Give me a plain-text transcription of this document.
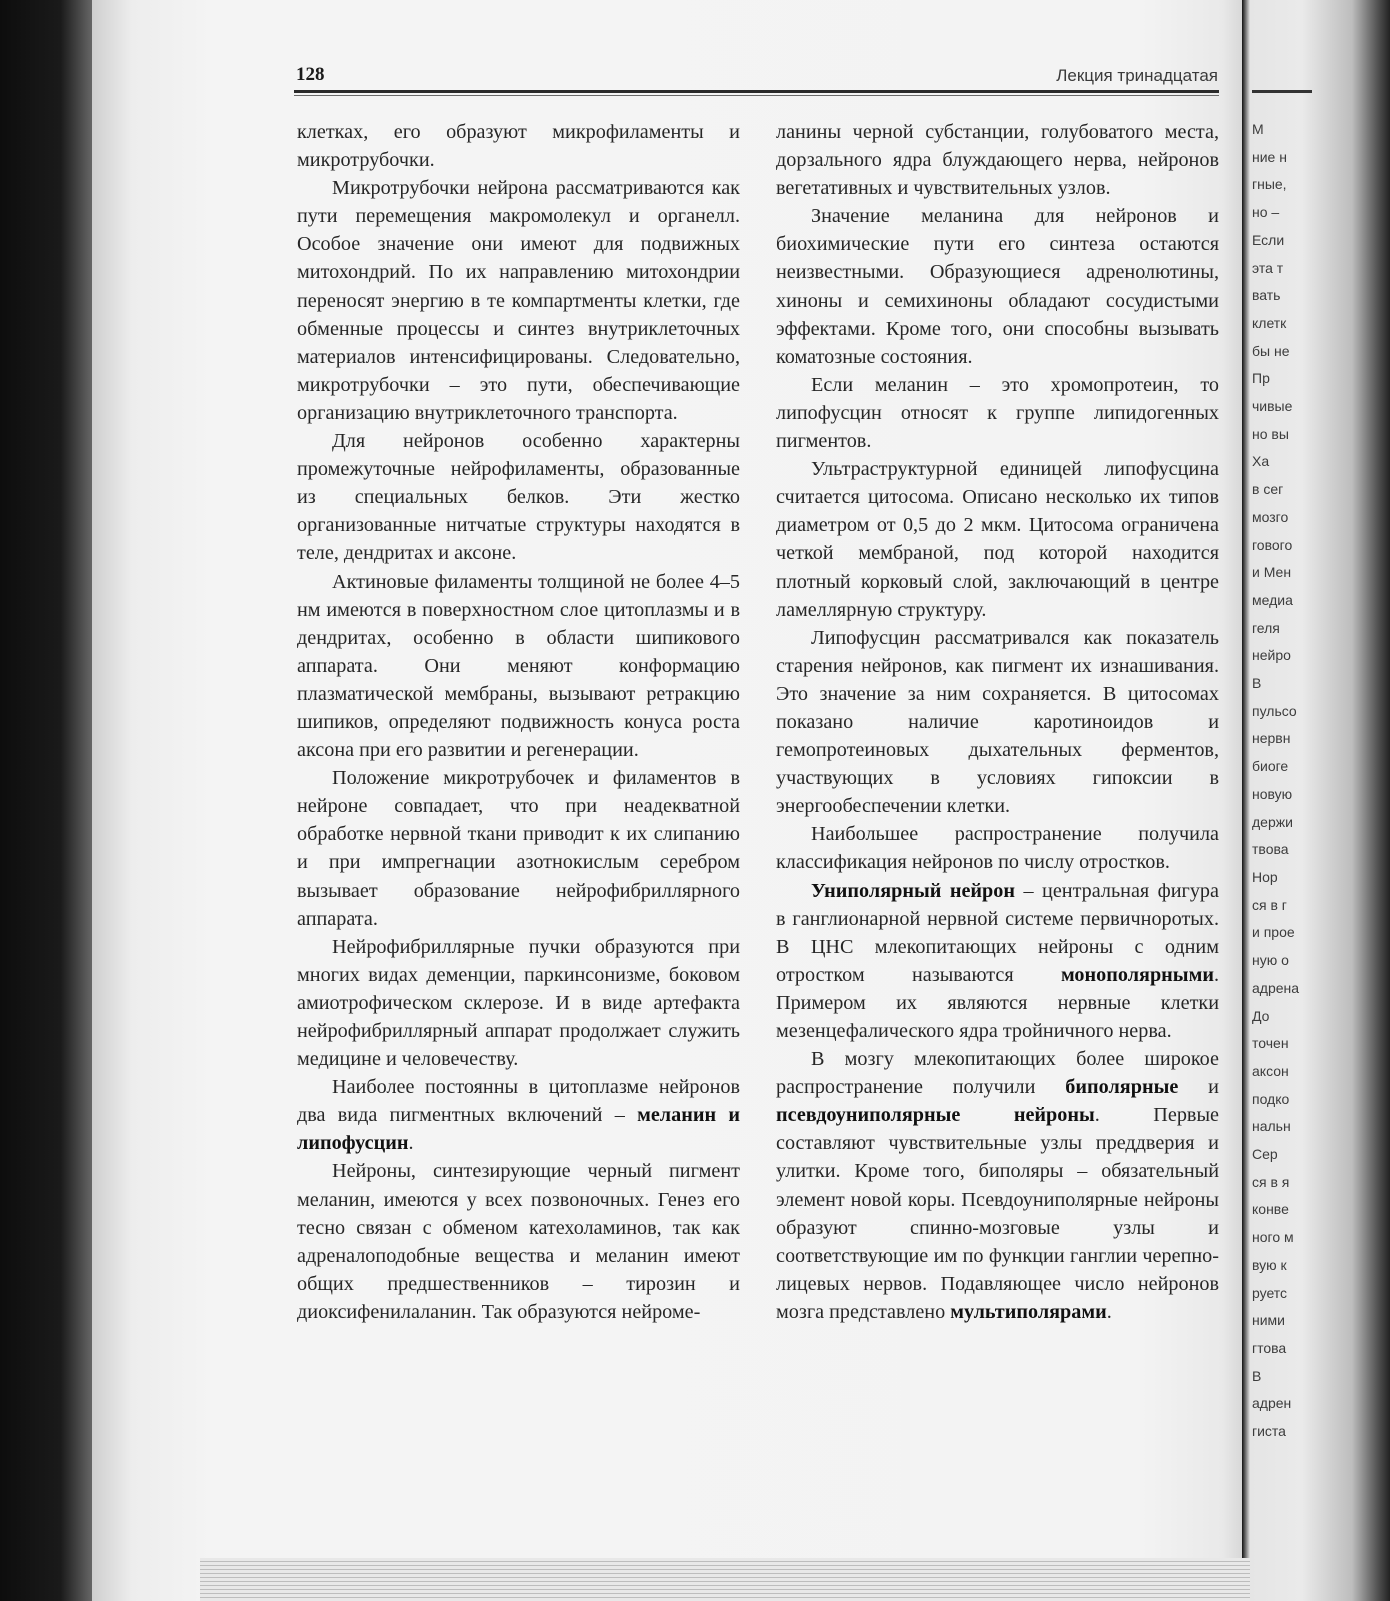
128	Лекция тринадцатая

клетках, его образуют микрофиламенты и микротрубочки.

Микротрубочки нейрона рассматриваются как пути перемещения макромолекул и органелл. Особое значение они имеют для подвижных митохондрий. По их направлению митохондрии переносят энергию в те компартменты клетки, где обменные процессы и синтез внутриклеточных материалов интенсифицированы. Следовательно, микротрубочки – это пути, обеспечивающие организацию внутриклеточного транспорта.

Для нейронов особенно характерны промежуточные нейрофиламенты, образованные из специальных белков. Эти жестко организованные нитчатые структуры находятся в теле, дендритах и аксоне.

Актиновые филаменты толщиной не более 4–5 нм имеются в поверхностном слое цитоплазмы и в дендритах, особенно в области шипикового аппарата. Они меняют конформацию плазматической мембраны, вызывают ретракцию шипиков, определяют подвижность конуса роста аксона при его развитии и регенерации.

Положение микротрубочек и филаментов в нейроне совпадает, что при неадекватной обработке нервной ткани приводит к их слипанию и при импрегнации азотнокислым серебром вызывает образование нейрофибриллярного аппарата.

Нейрофибриллярные пучки образуются при многих видах деменции, паркинсонизме, боковом амиотрофическом склерозе. И в виде артефакта нейрофибриллярный аппарат продолжает служить медицине и человечеству.

Наиболее постоянны в цитоплазме нейронов два вида пигментных включений – меланин и липофусцин.

Нейроны, синтезирующие черный пигмент меланин, имеются у всех позвоночных. Генез его тесно связан с обменом катехоламинов, так как адреналоподобные вещества и меланин имеют общих предшественников – тирозин и диоксифенилаланин. Так образуются нейроме-

ланины черной субстанции, голубоватого места, дорзального ядра блуждающего нерва, нейронов вегетативных и чувствительных узлов.

Значение меланина для нейронов и биохимические пути его синтеза остаются неизвестными. Образующиеся адренолютины, хиноны и семихиноны обладают сосудистыми эффектами. Кроме того, они способны вызывать коматозные состояния.

Если меланин – это хромопротеин, то липофусцин относят к группе липидогенных пигментов.

Ультраструктурной единицей липофусцина считается цитосома. Описано несколько их типов диаметром от 0,5 до 2 мкм. Цитосома ограничена четкой мембраной, под которой находится плотный корковый слой, заключающий в центре ламеллярную структуру.

Липофусцин рассматривался как показатель старения нейронов, как пигмент их изнашивания. Это значение за ним сохраняется. В цитосомах показано наличие каротиноидов и гемопротеиновых дыхательных ферментов, участвующих в условиях гипоксии в энергообеспечении клетки.

Наибольшее распространение получила классификация нейронов по числу отростков.

Униполярный нейрон – центральная фигура в ганглионарной нервной системе первичноротых. В ЦНС млекопитающих нейроны с одним отростком называются монополярными. Примером их являются нервные клетки мезенцефалического ядра тройничного нерва.

В мозгу млекопитающих более широкое распространение получили биполярные и псевдоуниполярные нейроны. Первые составляют чувствительные узлы преддверия и улитки. Кроме того, биполяры – обязательный элемент новой коры. Псевдоуниполярные нейроны образуют спинно-мозговые узлы и соответствующие им по функции ганглии черепно-лицевых нервов. Подавляющее число нейронов мозга представлено мультиполярами.

М
ние н
гные,
но –
Если
эта т
вать
клетк
бы не
Пр
чивые
но вы
Ха
в сег
мозго
гового
и Мен
медиа
геля
нейро
В
пульсо
нервн
биоге
новую
держи
твова
Нор
ся в г
и прое
ную о
адрена
До
точен
аксон
подко
нальн
Сер
ся в я
конве
ного м
вую к
руетс
ними
гтова
В
адрен
гиста
